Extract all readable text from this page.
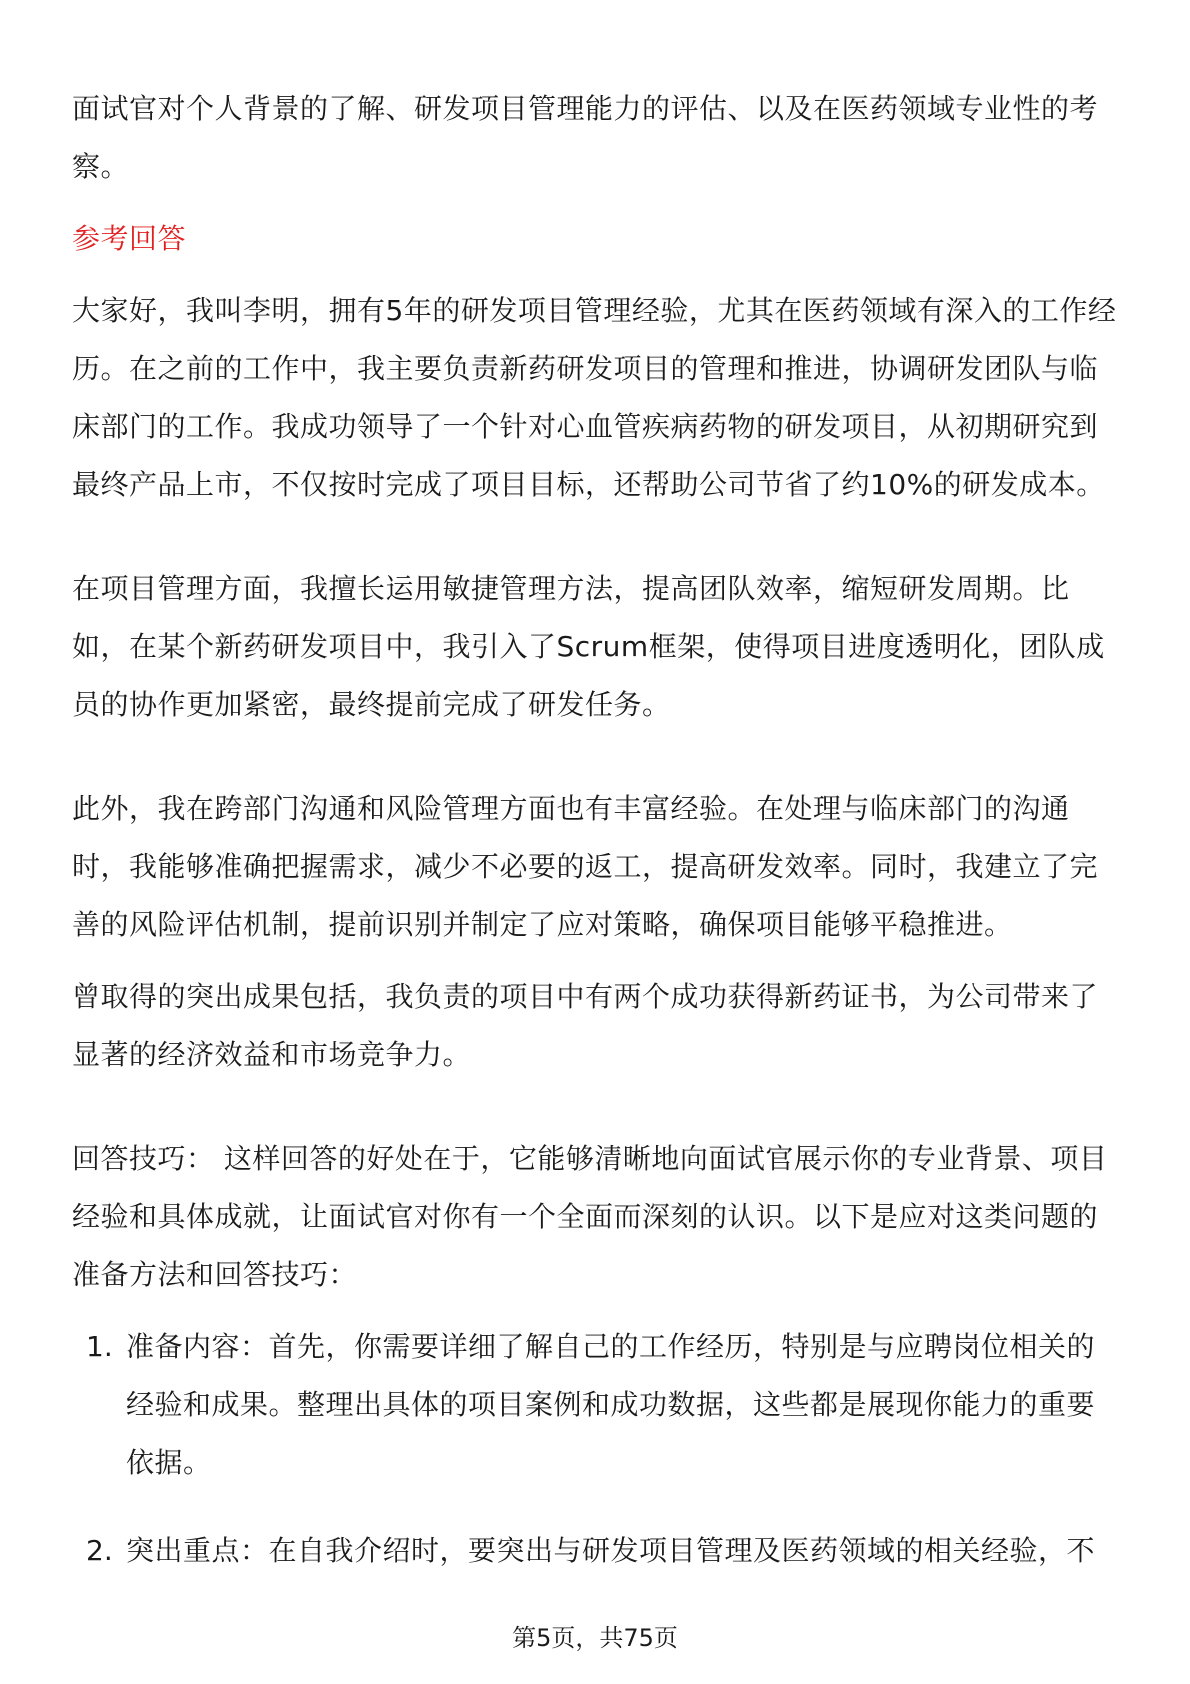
面试官对个人背景的了解、研发项目管理能力的评估、以及在医药领域专业性的考察。

参考回答

大家好，我叫李明，拥有5年的研发项目管理经验，尤其在医药领域有深入的工作经历。在之前的工作中，我主要负责新药研发项目的管理和推进，协调研发团队与临床部门的工作。我成功领导了一个针对心血管疾病药物的研发项目，从初期研究到最终产品上市，不仅按时完成了项目目标，还帮助公司节省了约10%的研发成本。

在项目管理方面，我擅长运用敏捷管理方法，提高团队效率，缩短研发周期。比如，在某个新药研发项目中，我引入了Scrum框架，使得项目进度透明化，团队成员的协作更加紧密，最终提前完成了研发任务。

此外，我在跨部门沟通和风险管理方面也有丰富经验。在处理与临床部门的沟通时，我能够准确把握需求，减少不必要的返工，提高研发效率。同时，我建立了完善的风险评估机制，提前识别并制定了应对策略，确保项目能够平稳推进。

曾取得的突出成果包括，我负责的项目中有两个成功获得新药证书，为公司带来了显著的经济效益和市场竞争力。

回答技巧： 这样回答的好处在于，它能够清晰地向面试官展示你的专业背景、项目经验和具体成就，让面试官对你有一个全面而深刻的认识。以下是应对这类问题的准备方法和回答技巧：

1. 准备内容：首先，你需要详细了解自己的工作经历，特别是与应聘岗位相关的经验和成果。整理出具体的项目案例和成功数据，这些都是展现你能力的重要依据。

2. 突出重点：在自我介绍时，要突出与研发项目管理及医药领域的相关经验，不

第5页，共75页
